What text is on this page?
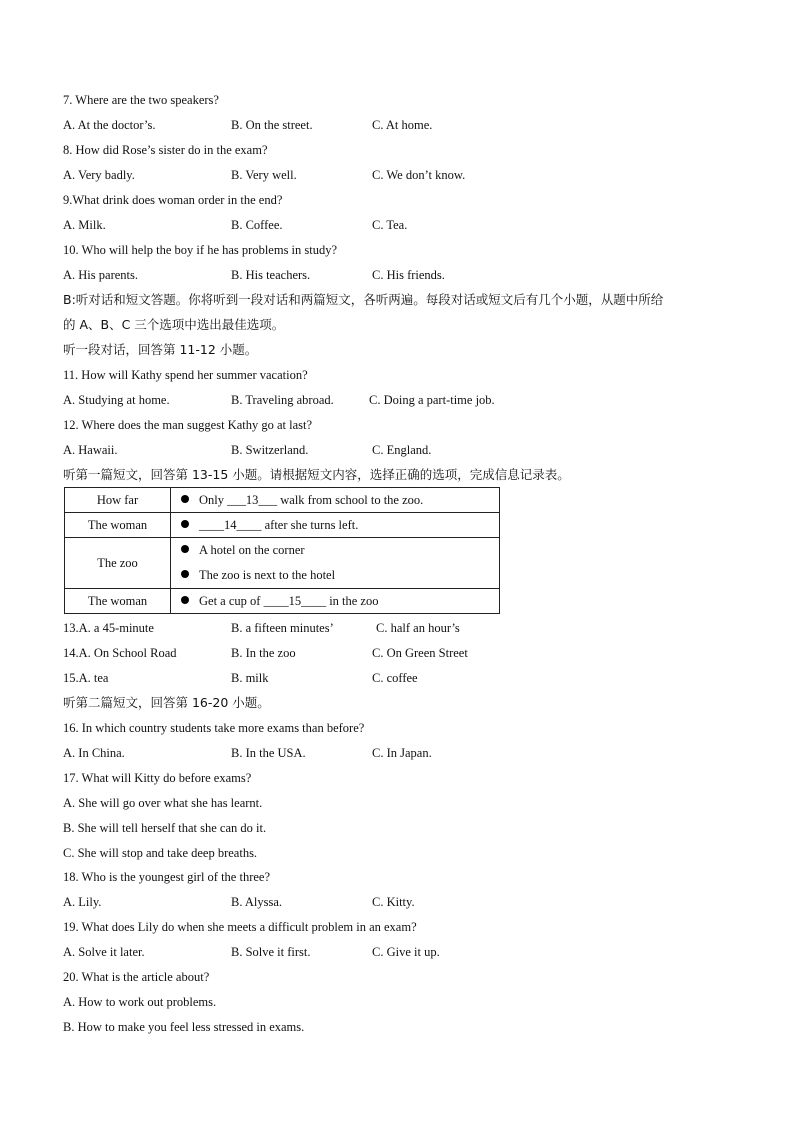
7. Where are the two speakers?
A. At the doctor’s.	B. On the street.	C. At home.
8. How did Rose’s sister do in the exam?
A. Very badly.	B. Very well.	C. We don’t know.
9.What drink does woman order in the end?
A. Milk.	B. Coffee.	C. Tea.
10. Who will help the boy if he has problems in study?
A. His parents.	B. His teachers.	C. His friends.
B:听对话和短文答题。你将听到一段对话和两篇短文，各听两遍。每段对话或短文后有几个小题，从题中所给
的 A、B、C 三个选项中选出最佳选项。
听一段对话，回答第 11-12 小题。
11. How will Kathy spend her summer vacation?
A. Studying at home.	B. Traveling abroad.	C. Doing a part-time job.
12. Where does the man suggest Kathy go at last?
A. Hawaii.	B. Switzerland.	C. England.
听第一篇短文，回答第 13-15 小题。请根据短文内容，选择正确的选项，完成信息记录表。
How far	Only ___13___ walk from school to the zoo.
The woman	____14____ after she turns left.
The zoo	A hotel on the corner
The zoo is next to the hotel

The woman	Get a cup of ____15____ in the zoo
13.A. a 45-minute	B. a fifteen minutes’	C. half an hour’s
14.A. On School Road	B. In the zoo	C. On Green Street
15.A. tea	B. milk	C. coffee
听第二篇短文，回答第 16-20 小题。
16. In which country students take more exams than before?
A. In China.	B. In the USA.	C. In Japan.
17. What will Kitty do before exams?
A. She will go over what she has learnt.
B. She will tell herself that she can do it.
C. She will stop and take deep breaths.
18. Who is the youngest girl of the three?
A. Lily.	B. Alyssa.	C. Kitty.
19. What does Lily do when she meets a difficult problem in an exam?
A. Solve it later.	B. Solve it first.	C. Give it up.
20. What is the article about?
A. How to work out problems.
B. How to make you feel less stressed in exams.
